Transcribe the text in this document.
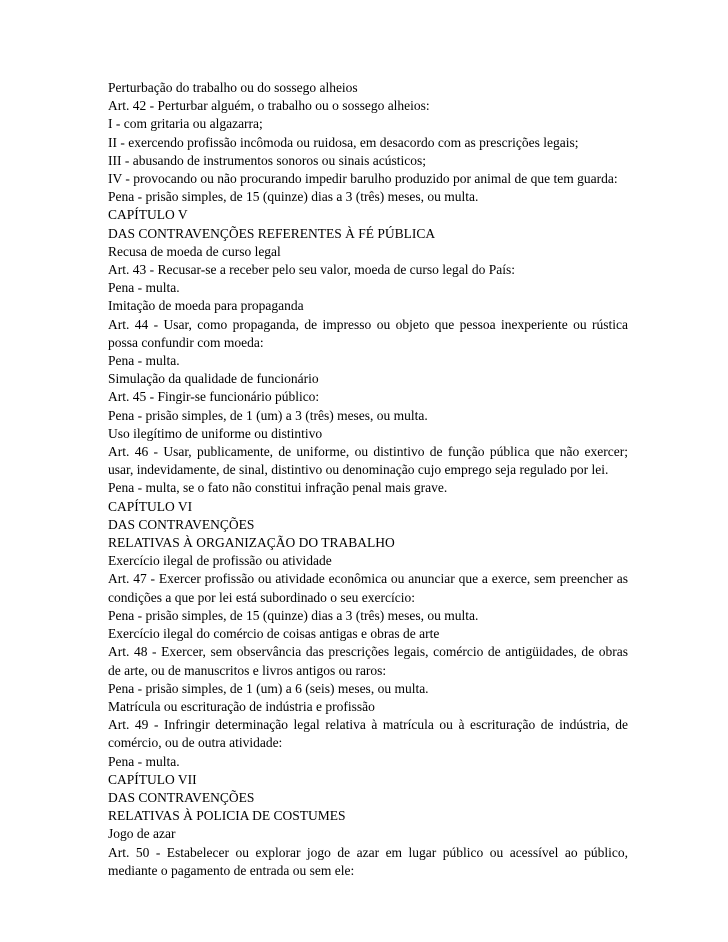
Perturbação do trabalho ou do sossego alheios

Art. 42 - Perturbar alguém, o trabalho ou o sossego alheios:

I - com gritaria ou algazarra;

II - exercendo profissão incômoda ou ruidosa, em desacordo com as prescrições legais;

III - abusando de instrumentos sonoros ou sinais acústicos;

IV - provocando ou não procurando impedir barulho produzido por animal de que tem guarda:

Pena - prisão simples, de 15 (quinze) dias a 3 (três) meses, ou multa.

CAPÍTULO V

DAS CONTRAVENÇÕES REFERENTES À FÉ PÚBLICA

Recusa de moeda de curso legal

Art. 43 - Recusar-se a receber pelo seu valor, moeda de curso legal do País:

Pena - multa.

Imitação de moeda para propaganda

Art. 44 - Usar, como propaganda, de impresso ou objeto que pessoa inexperiente ou rústica possa confundir com moeda:

Pena - multa.

Simulação da qualidade de funcionário

Art. 45 - Fingir-se funcionário público:

Pena - prisão simples, de 1 (um) a 3 (três) meses, ou multa.

Uso ilegítimo de uniforme ou distintivo

Art. 46 - Usar, publicamente, de uniforme, ou distintivo de função pública que não exercer; usar, indevidamente, de sinal, distintivo ou denominação cujo emprego seja regulado por lei.

Pena - multa, se o fato não constitui infração penal mais grave.

CAPÍTULO VI

DAS CONTRAVENÇÕES

RELATIVAS À ORGANIZAÇÃO DO TRABALHO

Exercício ilegal de profissão ou atividade

Art. 47 - Exercer profissão ou atividade econômica ou anunciar que a exerce, sem preencher as condições a que por lei está subordinado o seu exercício:

Pena - prisão simples, de 15 (quinze) dias a 3 (três) meses, ou multa.

Exercício ilegal do comércio de coisas antigas e obras de arte

Art. 48 - Exercer, sem observância das prescrições legais, comércio de antigüidades, de obras de arte, ou de manuscritos e livros antigos ou raros:

Pena - prisão simples, de 1 (um) a 6 (seis) meses, ou multa.

Matrícula ou escrituração de indústria e profissão

Art. 49 - Infringir determinação legal relativa à matrícula ou à escrituração de indústria, de comércio, ou de outra atividade:

Pena - multa.

CAPÍTULO VII

DAS CONTRAVENÇÕES

RELATIVAS À POLICIA DE COSTUMES

Jogo de azar

Art. 50 - Estabelecer ou explorar jogo de azar em lugar público ou acessível ao público, mediante o pagamento de entrada ou sem ele:
